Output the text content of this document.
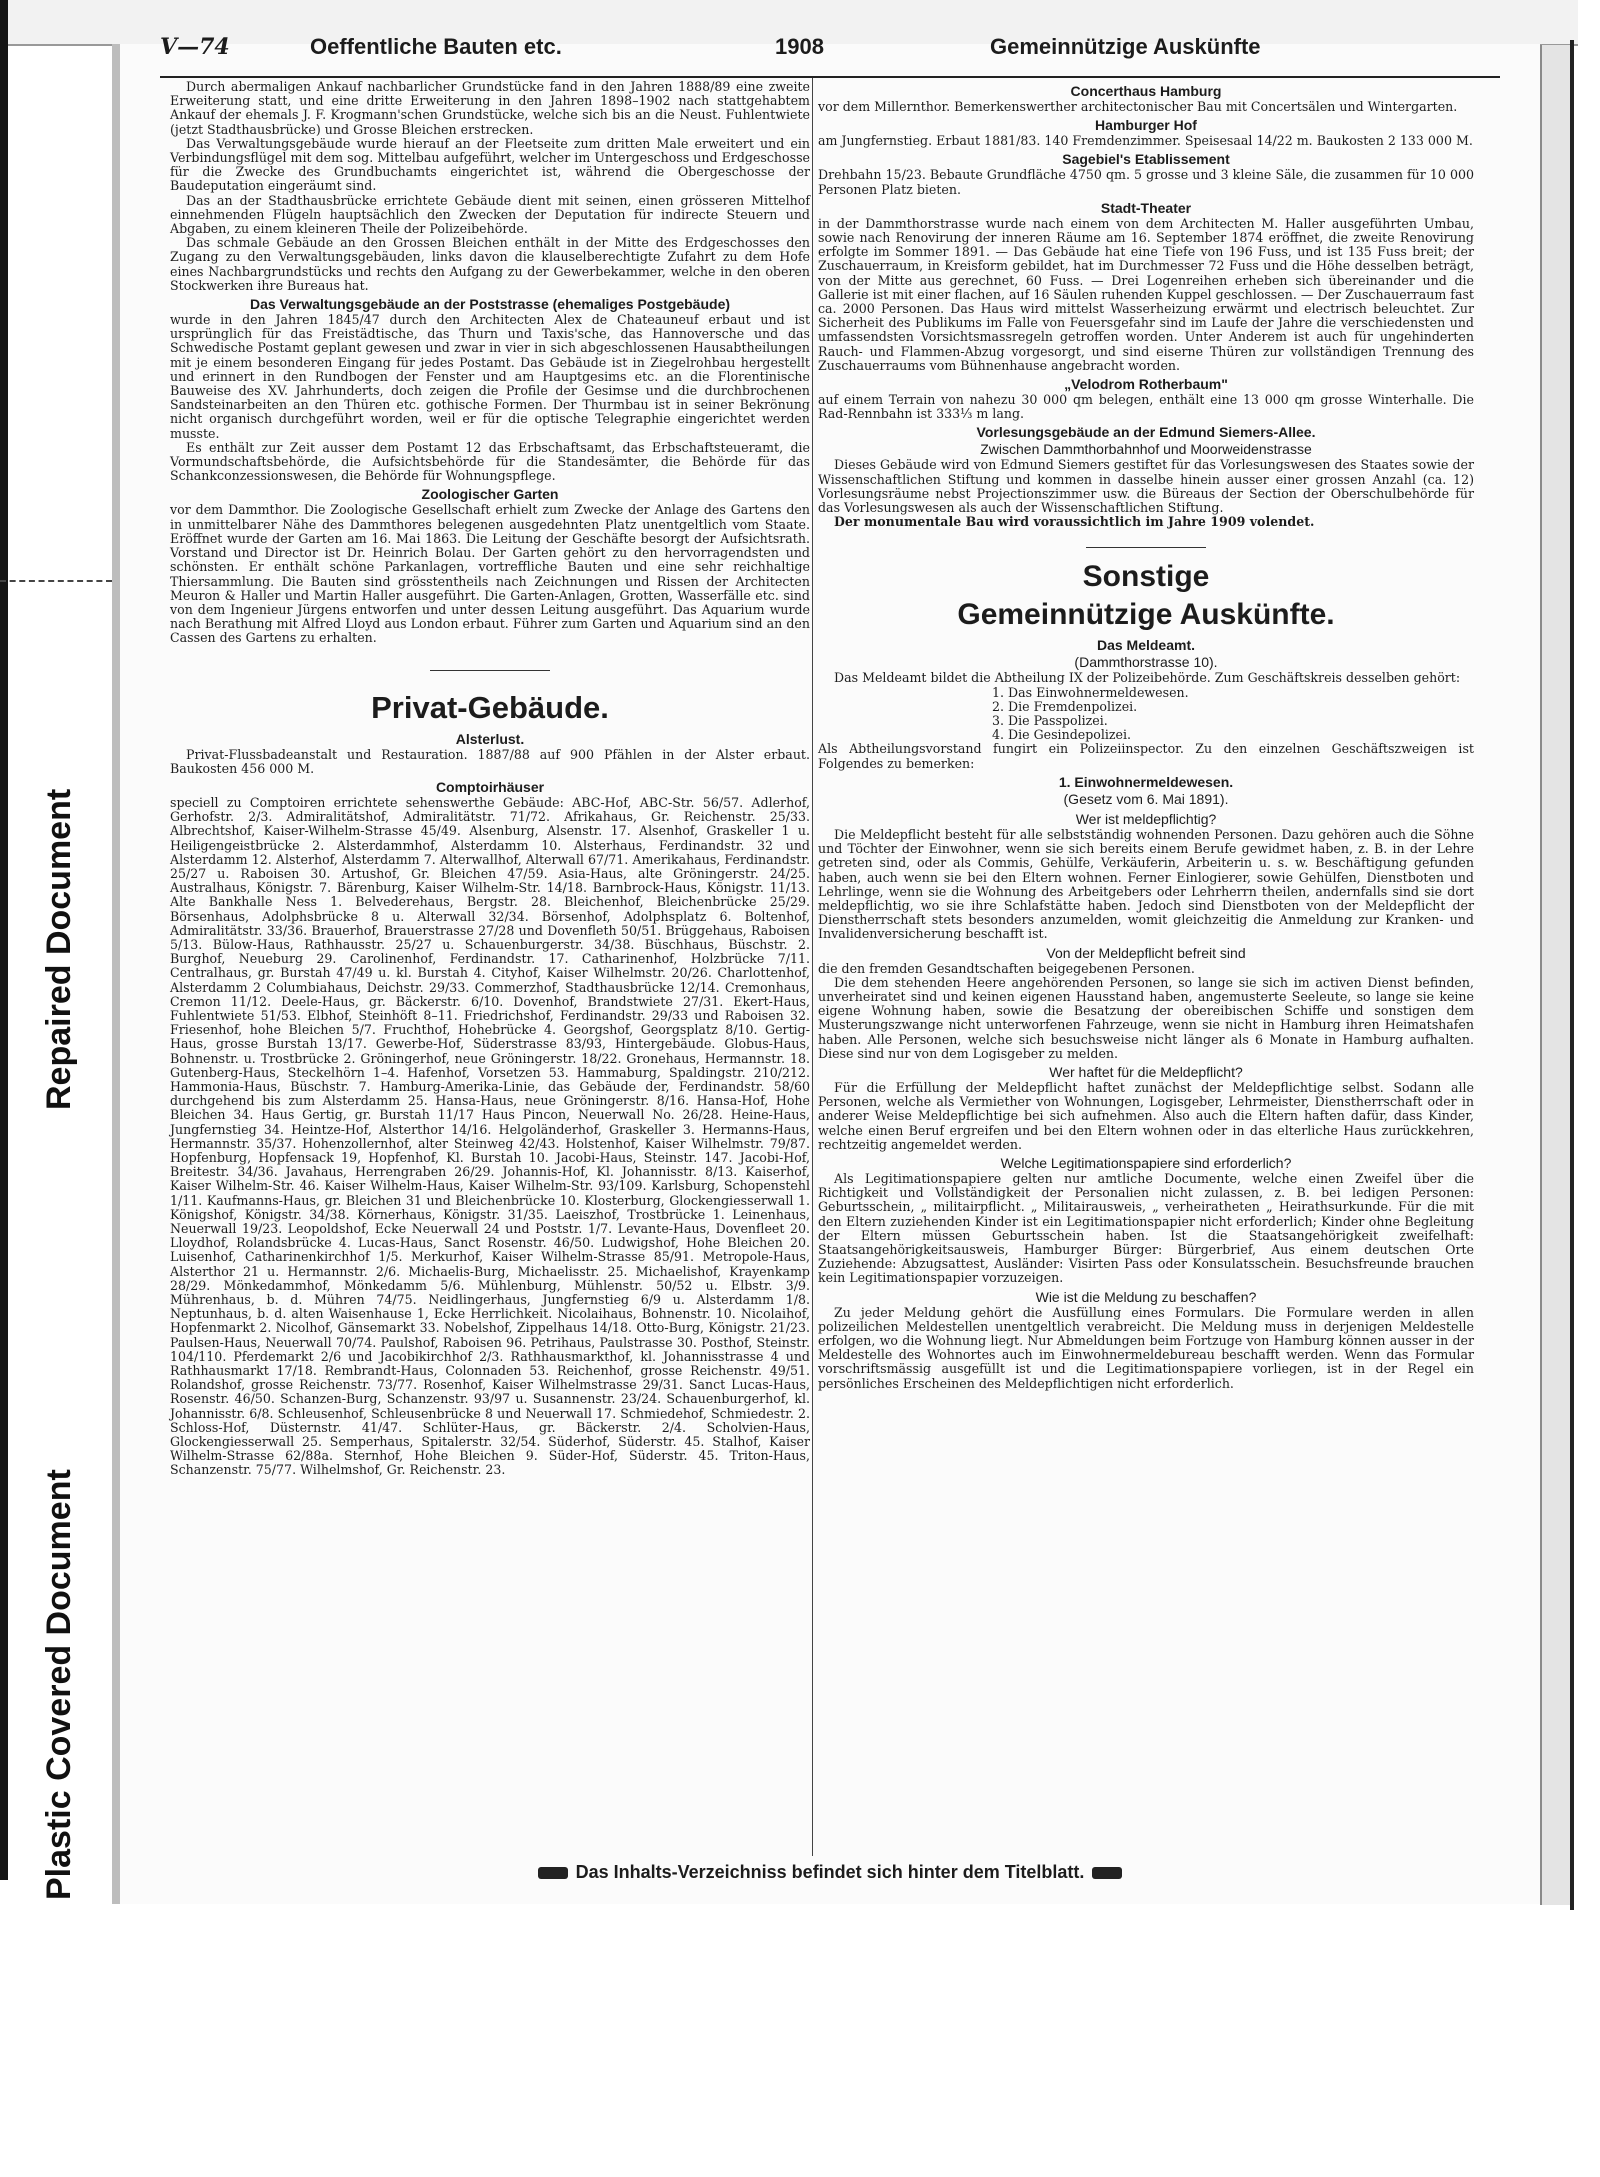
Repaired Document
Plastic Covered Document
V—74	Oeffentliche Bauten etc.	1908	Gemeinnützige Auskünfte

Durch abermaligen Ankauf nachbarlicher Grundstücke fand in den Jahren 1888/89 eine zweite Erweiterung statt, und eine dritte Erweiterung in den Jahren 1898–1902 nach stattgehabtem Ankauf der ehemals J. F. Krogmann'schen Grundstücke, welche sich bis an die Neust. Fuhlentwiete (jetzt Stadthausbrücke) und Grosse Bleichen erstrecken.

Das Verwaltungsgebäude wurde hierauf an der Fleetseite zum dritten Male erweitert und ein Verbindungsflügel mit dem sog. Mittelbau aufgeführt, welcher im Untergeschoss und Erdgeschosse für die Zwecke des Grundbuchamts eingerichtet ist, während die Obergeschosse der Baudeputation eingeräumt sind.

Das an der Stadthausbrücke errichtete Gebäude dient mit seinen, einen grösseren Mittelhof einnehmenden Flügeln hauptsächlich den Zwecken der Deputation für indirecte Steuern und Abgaben, zu einem kleineren Theile der Polizeibehörde.

Das schmale Gebäude an den Grossen Bleichen enthält in der Mitte des Erdgeschosses den Zugang zu den Verwaltungsgebäuden, links davon die klauselberechtigte Zufahrt zu dem Hofe eines Nachbargrundstücks und rechts den Aufgang zu der Gewerbekammer, welche in den oberen Stockwerken ihre Bureaus hat.

Das Verwaltungsgebäude an der Poststrasse (ehemaliges Postgebäude)

wurde in den Jahren 1845/47 durch den Architecten Alex de Chateauneuf erbaut und ist ursprünglich für das Freistädtische, das Thurn und Taxis'sche, das Hannoversche und das Schwedische Postamt geplant gewesen und zwar in vier in sich abgeschlossenen Hausabtheilungen mit je einem besonderen Eingang für jedes Postamt. Das Gebäude ist in Ziegelrohbau hergestellt und erinnert in den Rundbogen der Fenster und am Hauptgesims etc. an die Florentinische Bauweise des XV. Jahrhunderts, doch zeigen die Profile der Gesimse und die durchbrochenen Sandsteinarbeiten an den Thüren etc. gothische Formen. Der Thurmbau ist in seiner Bekrönung nicht organisch durchgeführt worden, weil er für die optische Telegraphie eingerichtet werden musste.

Es enthält zur Zeit ausser dem Postamt 12 das Erbschaftsamt, das Erbschaftsteueramt, die Vormundschaftsbehörde, die Aufsichtsbehörde für die Standesämter, die Behörde für das Schankconzessionswesen, die Behörde für Wohnungspflege.

Zoologischer Garten

vor dem Dammthor. Die Zoologische Gesellschaft erhielt zum Zwecke der Anlage des Gartens den in unmittelbarer Nähe des Dammthores belegenen ausgedehnten Platz unentgeltlich vom Staate. Eröffnet wurde der Garten am 16. Mai 1863. Die Leitung der Geschäfte besorgt der Aufsichtsrath. Vorstand und Director ist Dr. Heinrich Bolau. Der Garten gehört zu den hervorragendsten und schönsten. Er enthält schöne Parkanlagen, vortreffliche Bauten und eine sehr reichhaltige Thiersammlung. Die Bauten sind grösstentheils nach Zeichnungen und Rissen der Architecten Meuron & Haller und Martin Haller ausgeführt. Die Garten-Anlagen, Grotten, Wasserfälle etc. sind von dem Ingenieur Jürgens entworfen und unter dessen Leitung ausgeführt. Das Aquarium wurde nach Berathung mit Alfred Lloyd aus London erbaut. Führer zum Garten und Aquarium sind an den Cassen des Gartens zu erhalten.

Privat-Gebäude.
Alsterlust.

Privat-Flussbadeanstalt und Restauration. 1887/88 auf 900 Pfählen in der Alster erbaut. Baukosten 456 000 M.

Comptoirhäuser

speciell zu Comptoiren errichtete sehenswerthe Gebäude: ABC-Hof, ABC-Str. 56/57. Adlerhof, Gerhofstr. 2/3. Admiralitätshof, Admiralitätstr. 71/72. Afrikahaus, Gr. Reichenstr. 25/33. Albrechtshof, Kaiser-Wilhelm-Strasse 45/49. Alsenburg, Alsenstr. 17. Alsenhof, Graskeller 1 u. Heiligengeistbrücke 2. Alsterdammhof, Alsterdamm 10. Alsterhaus, Ferdinandstr. 32 und Alsterdamm 12. Alsterhof, Alsterdamm 7. Alterwallhof, Alterwall 67/71. Amerikahaus, Ferdinandstr. 25/27 u. Raboisen 30. Artushof, Gr. Bleichen 47/59. Asia-Haus, alte Gröningerstr. 24/25. Australhaus, Königstr. 7. Bärenburg, Kaiser Wilhelm-Str. 14/18. Barnbrock-Haus, Königstr. 11/13. Alte Bankhalle Ness 1. Belvederehaus, Bergstr. 28. Bleichenhof, Bleichenbrücke 25/29. Börsenhaus, Adolphsbrücke 8 u. Alterwall 32/34. Börsenhof, Adolphsplatz 6. Boltenhof, Admiralitätstr. 33/36. Brauerhof, Brauerstrasse 27/28 und Dovenfleth 50/51. Brüggehaus, Raboisen 5/13. Bülow-Haus, Rathhausstr. 25/27 u. Schauenburgerstr. 34/38. Büschhaus, Büschstr. 2. Burghof, Neueburg 29. Carolinenhof, Ferdinandstr. 17. Catharinenhof, Holzbrücke 7/11. Centralhaus, gr. Burstah 47/49 u. kl. Burstah 4. Cityhof, Kaiser Wilhelmstr. 20/26. Charlottenhof, Alsterdamm 2 Columbiahaus, Deichstr. 29/33. Commerzhof, Stadthausbrücke 12/14. Cremonhaus, Cremon 11/12. Deele-Haus, gr. Bäckerstr. 6/10. Dovenhof, Brandstwiete 27/31. Ekert-Haus, Fuhlentwiete 51/53. Elbhof, Steinhöft 8–11. Friedrichshof, Ferdinandstr. 29/33 und Raboisen 32. Friesenhof, hohe Bleichen 5/7. Fruchthof, Hohebrücke 4. Georgshof, Georgsplatz 8/10. Gertig-Haus, grosse Burstah 13/17. Gewerbe-Hof, Süderstrasse 83/93, Hintergebäude. Globus-Haus, Bohnenstr. u. Trostbrücke 2. Gröningerhof, neue Gröningerstr. 18/22. Gronehaus, Hermannstr. 18. Gutenberg-Haus, Steckelhörn 1–4. Hafenhof, Vorsetzen 53. Hammaburg, Spaldingstr. 210/212. Hammonia-Haus, Büschstr. 7. Hamburg-Amerika-Linie, das Gebäude der, Ferdinandstr. 58/60 durchgehend bis zum Alsterdamm 25. Hansa-Haus, neue Gröningerstr. 8/16. Hansa-Hof, Hohe Bleichen 34. Haus Gertig, gr. Burstah 11/17 Haus Pincon, Neuerwall No. 26/28. Heine-Haus, Jungfernstieg 34. Heintze-Hof, Alsterthor 14/16. Helgoländerhof, Graskeller 3. Hermanns-Haus, Hermannstr. 35/37. Hohenzollernhof, alter Steinweg 42/43. Holstenhof, Kaiser Wilhelmstr. 79/87. Hopfenburg, Hopfensack 19, Hopfenhof, Kl. Burstah 10. Jacobi-Haus, Steinstr. 147. Jacobi-Hof, Breitestr. 34/36. Javahaus, Herrengraben 26/29. Johannis-Hof, Kl. Johannisstr. 8/13. Kaiserhof, Kaiser Wilhelm-Str. 46. Kaiser Wilhelm-Haus, Kaiser Wilhelm-Str. 93/109. Karlsburg, Schopenstehl 1/11. Kaufmanns-Haus, gr. Bleichen 31 und Bleichenbrücke 10. Klosterburg, Glockengiesserwall 1. Königshof, Königstr. 34/38. Körnerhaus, Königstr. 31/35. Laeiszhof, Trostbrücke 1. Leinenhaus, Neuerwall 19/23. Leopoldshof, Ecke Neuerwall 24 und Poststr. 1/7. Levante-Haus, Dovenfleet 20. Lloydhof, Rolandsbrücke 4. Lucas-Haus, Sanct Rosenstr. 46/50. Ludwigshof, Hohe Bleichen 20. Luisenhof, Catharinenkirchhof 1/5. Merkurhof, Kaiser Wilhelm-Strasse 85/91. Metropole-Haus, Alsterthor 21 u. Hermannstr. 2/6. Michaelis-Burg, Michaelisstr. 25. Michaelishof, Krayenkamp 28/29. Mönkedammhof, Mönkedamm 5/6. Mühlenburg, Mühlenstr. 50/52 u. Elbstr. 3/9. Mührenhaus, b. d. Mühren 74/75. Neidlingerhaus, Jungfernstieg 6/9 u. Alsterdamm 1/8. Neptunhaus, b. d. alten Waisenhause 1, Ecke Herrlichkeit. Nicolaihaus, Bohnenstr. 10. Nicolaihof, Hopfenmarkt 2. Nicolhof, Gänsemarkt 33. Nobelshof, Zippelhaus 14/18. Otto-Burg, Königstr. 21/23. Paulsen-Haus, Neuerwall 70/74. Paulshof, Raboisen 96. Petrihaus, Paulstrasse 30. Posthof, Steinstr. 104/110. Pferdemarkt 2/6 und Jacobikirchhof 2/3. Rathhausmarkthof, kl. Johannisstrasse 4 und Rathhausmarkt 17/18. Rembrandt-Haus, Colonnaden 53. Reichenhof, grosse Reichenstr. 49/51. Rolandshof, grosse Reichenstr. 73/77. Rosenhof, Kaiser Wilhelmstrasse 29/31. Sanct Lucas-Haus, Rosenstr. 46/50. Schanzen-Burg, Schanzenstr. 93/97 u. Susannenstr. 23/24. Schauenburgerhof, kl. Johannisstr. 6/8. Schleusenhof, Schleusenbrücke 8 und Neuerwall 17. Schmiedehof, Schmiedestr. 2. Schloss-Hof, Düsternstr. 41/47. Schlüter-Haus, gr. Bäckerstr. 2/4. Scholvien-Haus, Glockengiesserwall 25. Semperhaus, Spitalerstr. 32/54. Süderhof, Süderstr. 45. Stalhof, Kaiser Wilhelm-Strasse 62/88a. Sternhof, Hohe Bleichen 9. Süder-Hof, Süderstr. 45. Triton-Haus, Schanzenstr. 75/77. Wilhelmshof, Gr. Reichenstr. 23.

Concerthaus Hamburg

vor dem Millernthor. Bemerkenswerther architectonischer Bau mit Concertsälen und Wintergarten.

Hamburger Hof

am Jungfernstieg. Erbaut 1881/83. 140 Fremdenzimmer. Speisesaal 14/22 m. Baukosten 2 133 000 M.

Sagebiel's Etablissement

Drehbahn 15/23. Bebaute Grundfläche 4750 qm. 5 grosse und 3 kleine Säle, die zusammen für 10 000 Personen Platz bieten.

Stadt-Theater

in der Dammthorstrasse wurde nach einem von dem Architecten M. Haller ausgeführten Umbau, sowie nach Renovirung der inneren Räume am 16. September 1874 eröffnet, die zweite Renovirung erfolgte im Sommer 1891. — Das Gebäude hat eine Tiefe von 196 Fuss, und ist 135 Fuss breit; der Zuschauerraum, in Kreisform gebildet, hat im Durchmesser 72 Fuss und die Höhe desselben beträgt, von der Mitte aus gerechnet, 60 Fuss. — Drei Logenreihen erheben sich übereinander und die Gallerie ist mit einer flachen, auf 16 Säulen ruhenden Kuppel geschlossen. — Der Zuschauerraum fast ca. 2000 Personen. Das Haus wird mittelst Wasserheizung erwärmt und electrisch beleuchtet. Zur Sicherheit des Publikums im Falle von Feuersgefahr sind im Laufe der Jahre die verschiedensten und umfassendsten Vorsichtsmassregeln getroffen worden. Unter Anderem ist auch für ungehinderten Rauch- und Flammen-Abzug vorgesorgt, und sind eiserne Thüren zur vollständigen Trennung des Zuschauerraums vom Bühnenhause angebracht worden.

„Velodrom Rotherbaum"

auf einem Terrain von nahezu 30 000 qm belegen, enthält eine 13 000 qm grosse Winterhalle. Die Rad-Rennbahn ist 333⅓ m lang.

Vorlesungsgebäude an der Edmund Siemers-Allee.
Zwischen Dammthorbahnhof und Moorweidenstrasse

Dieses Gebäude wird von Edmund Siemers gestiftet für das Vorlesungswesen des Staates sowie der Wissenschaftlichen Stiftung und kommen in dasselbe hinein ausser einer grossen Anzahl (ca. 12) Vorlesungsräume nebst Projectionszimmer usw. die Büreaus der Section der Oberschulbehörde für das Vorlesungswesen als auch der Wissenschaftlichen Stiftung.

Der monumentale Bau wird voraussichtlich im Jahre 1909 volendet.

Sonstige
Gemeinnützige Auskünfte.
Das Meldeamt.
(Dammthorstrasse 10).

Das Meldeamt bildet die Abtheilung IX der Polizeibehörde. Zum Geschäftskreis desselben gehört:

1. Das Einwohnermeldewesen.
2. Die Fremdenpolizei.
3. Die Passpolizei.
4. Die Gesindepolizei.

Als Abtheilungsvorstand fungirt ein Polizeiinspector. Zu den einzelnen Geschäftszweigen ist Folgendes zu bemerken:

1. Einwohnermeldewesen.
(Gesetz vom 6. Mai 1891).
Wer ist meldepflichtig?

Die Meldepflicht besteht für alle selbstständig wohnenden Personen. Dazu gehören auch die Söhne und Töchter der Einwohner, wenn sie sich bereits einem Berufe gewidmet haben, z. B. in der Lehre getreten sind, oder als Commis, Gehülfe, Verkäuferin, Arbeiterin u. s. w. Beschäftigung gefunden haben, auch wenn sie bei den Eltern wohnen. Ferner Einlogierer, sowie Gehülfen, Dienstboten und Lehrlinge, wenn sie die Wohnung des Arbeitgebers oder Lehrherrn theilen, andernfalls sind sie dort meldepflichtig, wo sie ihre Schlafstätte haben. Jedoch sind Dienstboten von der Meldepflicht der Dienstherrschaft stets besonders anzumelden, womit gleichzeitig die Anmeldung zur Kranken- und Invalidenversicherung beschafft ist.

Von der Meldepflicht befreit sind

die den fremden Gesandtschaften beigegebenen Personen.

Die dem stehenden Heere angehörenden Personen, so lange sie sich im activen Dienst befinden, unverheiratet sind und keinen eigenen Hausstand haben, angemusterte Seeleute, so lange sie keine eigene Wohnung haben, sowie die Besatzung der obereibischen Schiffe und sonstigen dem Musterungszwange nicht unterworfenen Fahrzeuge, wenn sie nicht in Hamburg ihren Heimatshafen haben. Alle Personen, welche sich besuchsweise nicht länger als 6 Monate in Hamburg aufhalten. Diese sind nur von dem Logisgeber zu melden.

Wer haftet für die Meldepflicht?

Für die Erfüllung der Meldepflicht haftet zunächst der Meldepflichtige selbst. Sodann alle Personen, welche als Vermiether von Wohnungen, Logisgeber, Lehrmeister, Dienstherrschaft oder in anderer Weise Meldepflichtige bei sich aufnehmen. Also auch die Eltern haften dafür, dass Kinder, welche einen Beruf ergreifen und bei den Eltern wohnen oder in das elterliche Haus zurückkehren, rechtzeitig angemeldet werden.

Welche Legitimationspapiere sind erforderlich?

Als Legitimationspapiere gelten nur amtliche Documente, welche einen Zweifel über die Richtigkeit und Vollständigkeit der Personalien nicht zulassen, z. B. bei ledigen Personen: Geburtsschein, „ militairpflicht. „ Militairausweis, „ verheiratheten „ Heirathsurkunde. Für die mit den Eltern zuziehenden Kinder ist ein Legitimationspapier nicht erforderlich; Kinder ohne Begleitung der Eltern müssen Geburtsschein haben. Ist die Staatsangehörigkeit zweifelhaft: Staatsangehörigkeitsausweis, Hamburger Bürger: Bürgerbrief, Aus einem deutschen Orte Zuziehende: Abzugsattest, Ausländer: Visirten Pass oder Konsulatsschein. Besuchsfreunde brauchen kein Legitimationspapier vorzuzeigen.

Wie ist die Meldung zu beschaffen?

Zu jeder Meldung gehört die Ausfüllung eines Formulars. Die Formulare werden in allen polizeilichen Meldestellen unentgeltlich verabreicht. Die Meldung muss in derjenigen Meldestelle erfolgen, wo die Wohnung liegt. Nur Abmeldungen beim Fortzuge von Hamburg können ausser in der Meldestelle des Wohnortes auch im Einwohnermeldebureau beschafft werden. Wenn das Formular vorschriftsmässig ausgefüllt ist und die Legitimationspapiere vorliegen, ist in der Regel ein persönliches Erscheinen des Meldepflichtigen nicht erforderlich.

Das Inhalts-Verzeichniss befindet sich hinter dem Titelblatt.
